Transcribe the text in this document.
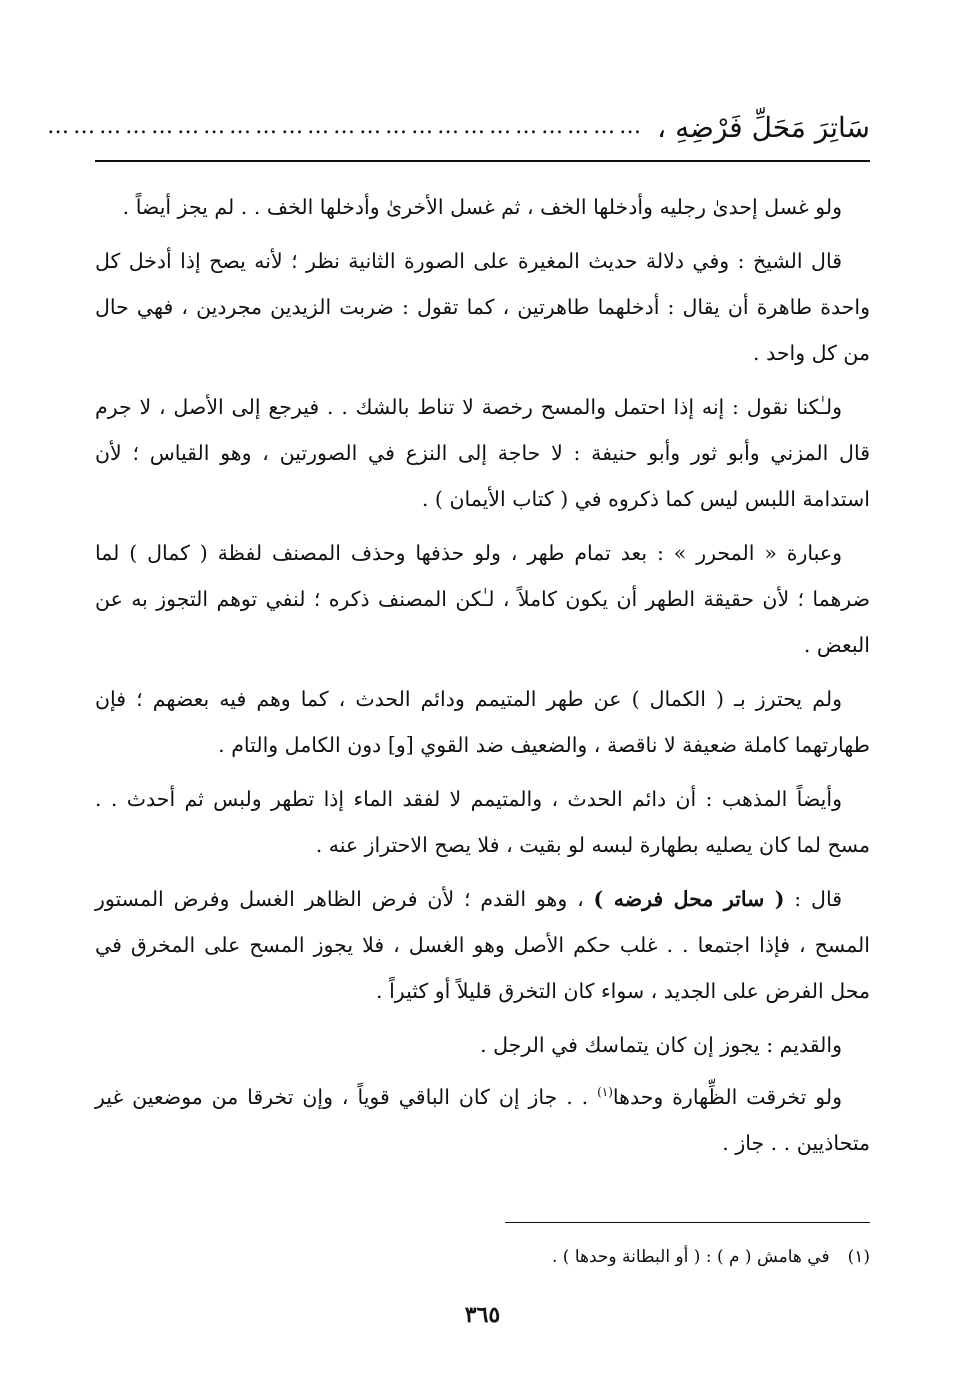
سَاتِرَ مَحَلِّ فَرْضِهِ ،
……………………………………………………………

ولو غسل إحدىٰ رجليه وأدخلها الخف ، ثم غسل الأخرىٰ وأدخلها الخف . . لم يجز أيضاً .

قال الشيخ : وفي دلالة حديث المغيرة على الصورة الثانية نظر ؛ لأنه يصح إذا أدخل كل واحدة طاهرة أن يقال : أدخلهما طاهرتين ، كما تقول : ضربت الزيدين مجردين ، فهي حال من كل واحد .

ولـٰكنا نقول : إنه إذا احتمل والمسح رخصة لا تناط بالشك . . فيرجع إلى الأصل ، لا جرم قال المزني وأبو ثور وأبو حنيفة : لا حاجة إلى النزع في الصورتين ، وهو القياس ؛ لأن استدامة اللبس ليس كما ذكروه في ( كتاب الأيمان ) .

وعبارة « المحرر » : بعد تمام طهر ، ولو حذفها وحذف المصنف لفظة ( كمال ) لما ضرهما ؛ لأن حقيقة الطهر أن يكون كاملاً ، لـٰكن المصنف ذكره ؛ لنفي توهم التجوز به عن البعض .

ولم يحترز بـ ( الكمال ) عن طهر المتيمم ودائم الحدث ، كما وهم فيه بعضهم ؛ فإن طهارتهما كاملة ضعيفة لا ناقصة ، والضعيف ضد القوي [و] دون الكامل والتام .

وأيضاً المذهب : أن دائم الحدث ، والمتيمم لا لفقد الماء إذا تطهر ولبس ثم أحدث . . مسح لما كان يصليه بطهارة لبسه لو بقيت ، فلا يصح الاحتراز عنه .

قال : ( ساتر محل فرضه ) ، وهو القدم ؛ لأن فرض الظاهر الغسل وفرض المستور المسح ، فإذا اجتمعا . . غلب حكم الأصل وهو الغسل ، فلا يجوز المسح على المخرق في محل الفرض على الجديد ، سواء كان التخرق قليلاً أو كثيراً .

والقديم : يجوز إن كان يتماسك في الرجل .

ولو تخرقت الظِّهارة وحدها$^{(١)}$ . . جاز إن كان الباقي قوياً ، وإن تخرقا من موضعين غير متحاذيين . . جاز .

(١)في هامش ( م ) : ( أو البطانة وحدها ) .
٣٦٥
